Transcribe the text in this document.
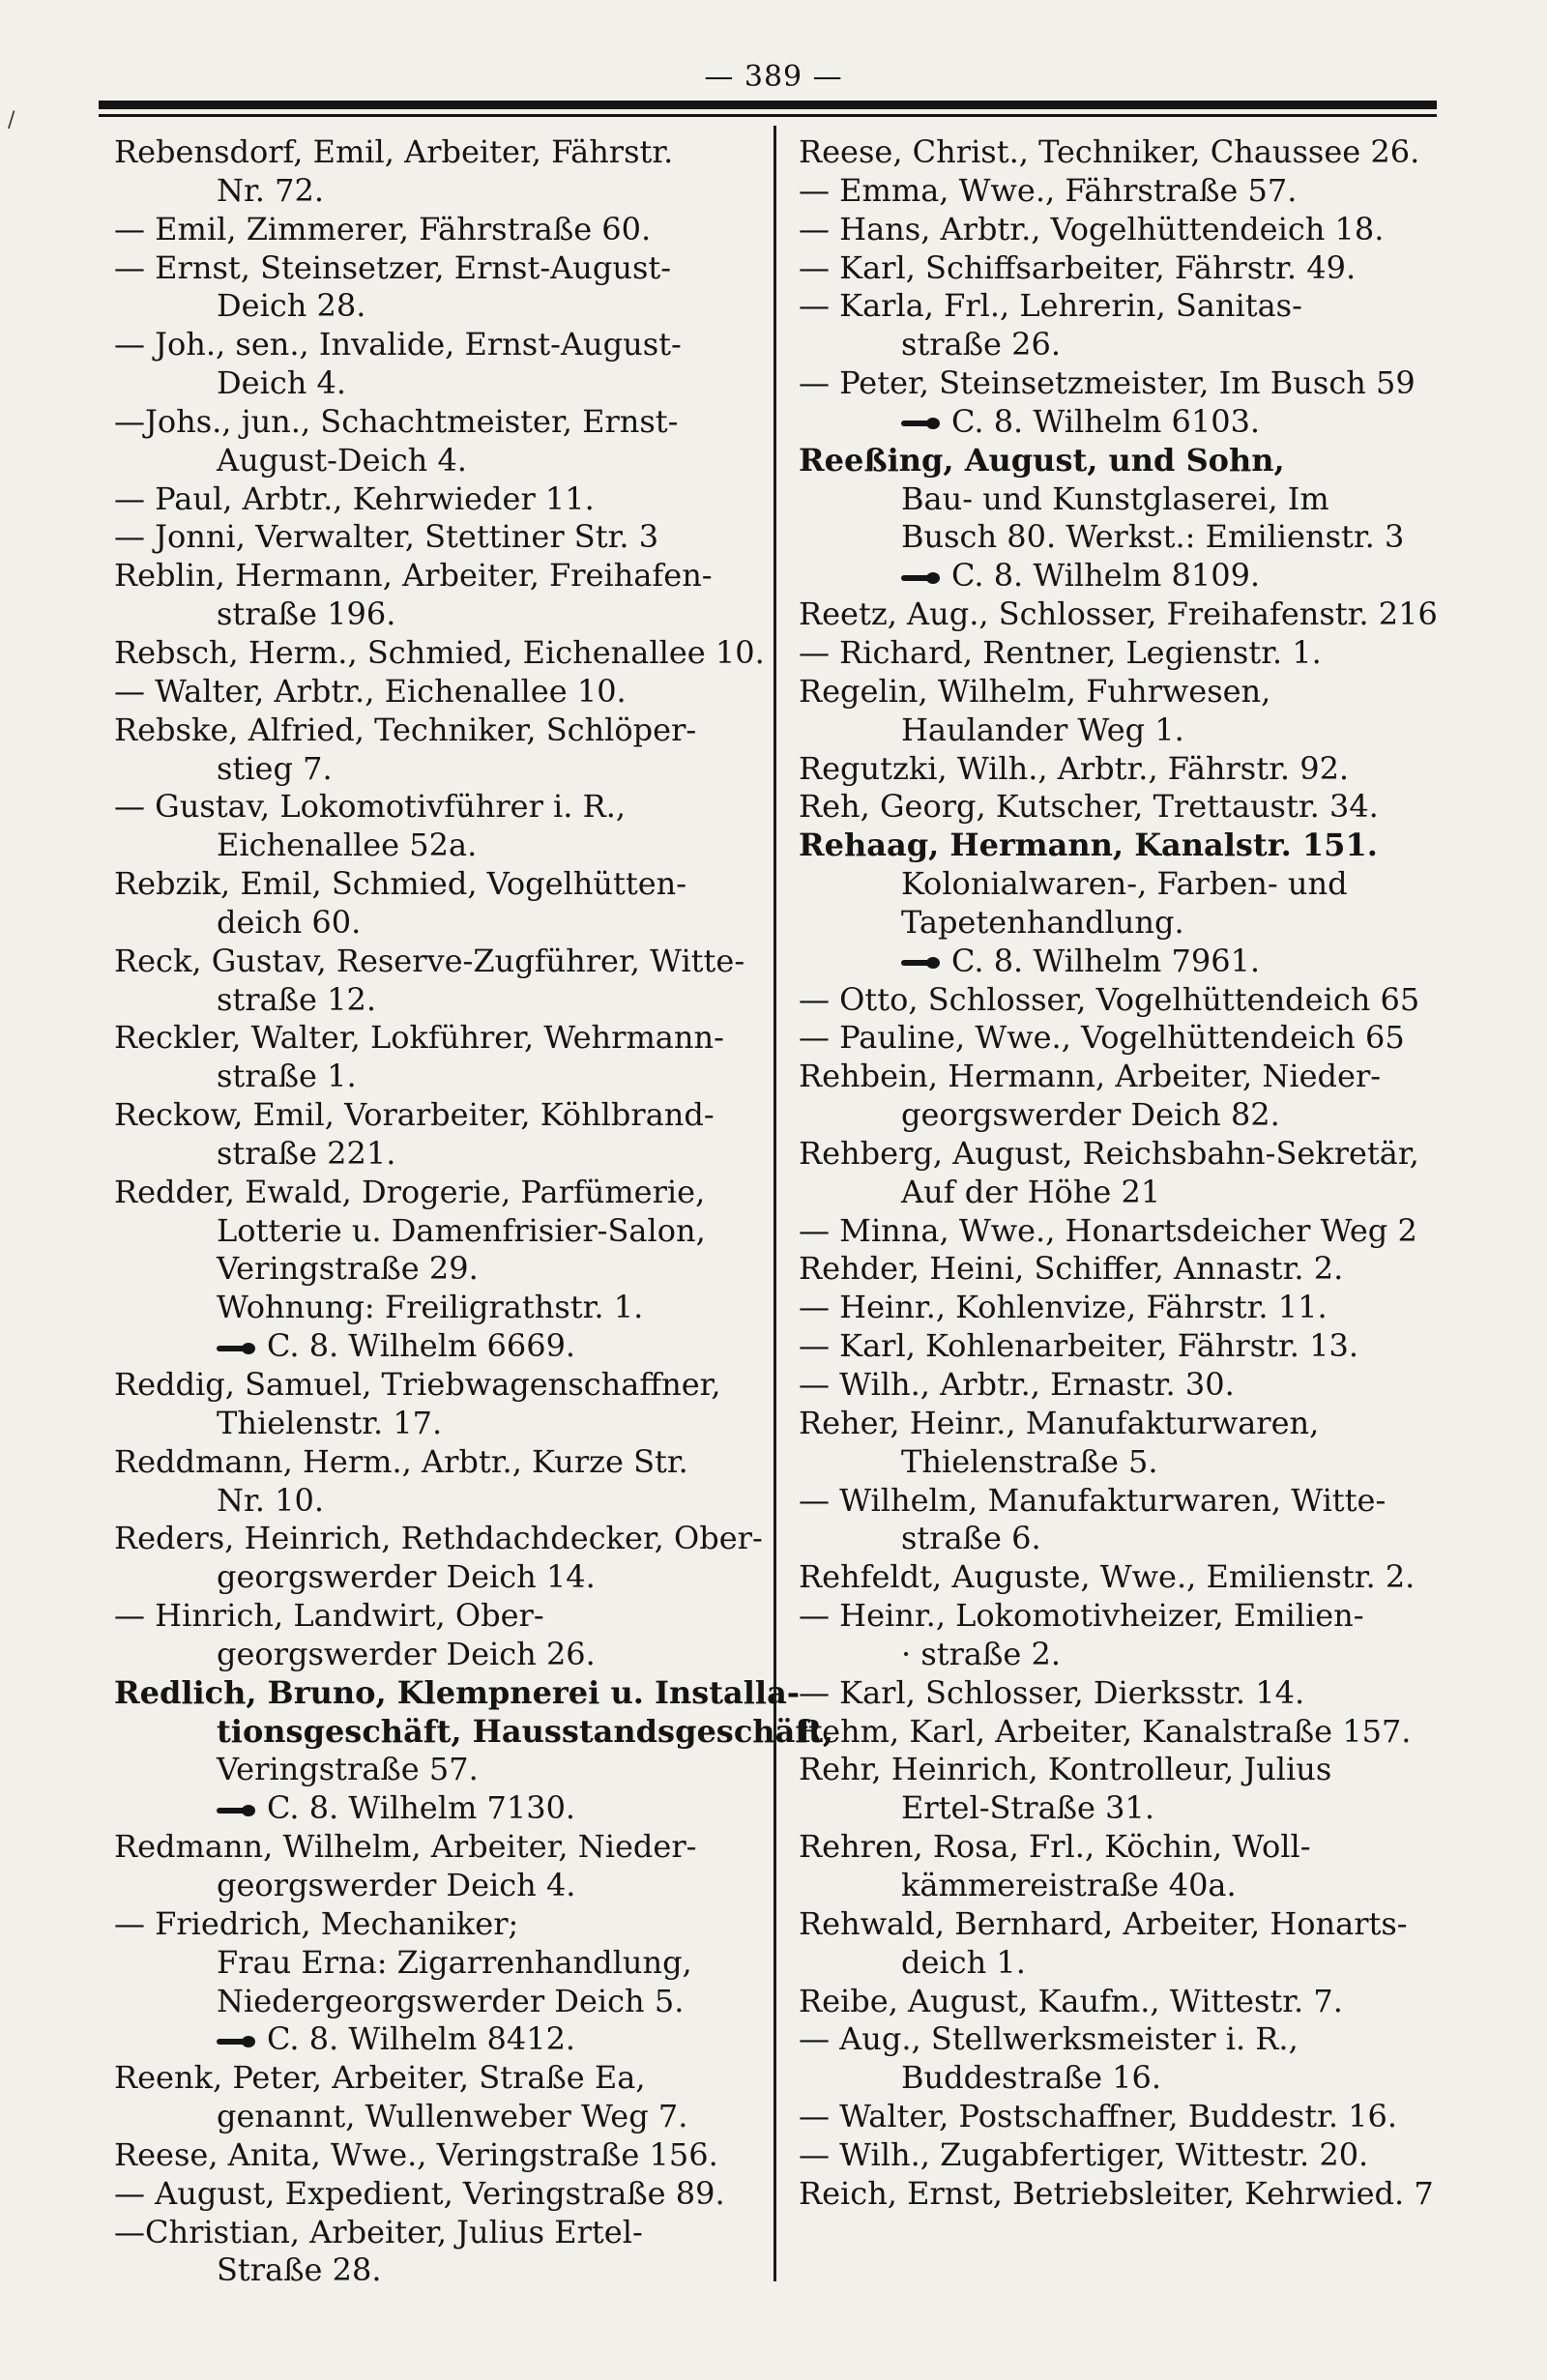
/
— 389 —
Rebensdorf, Emil, Arbeiter, Fährstr.
Nr. 72.
— Emil, Zimmerer, Fährstraße 60.
— Ernst, Steinsetzer, Ernst-August-
Deich 28.
— Joh., sen., Invalide, Ernst-August-
Deich 4.
—Johs., jun., Schachtmeister, Ernst-
August-Deich 4.
— Paul, Arbtr., Kehrwieder 11.
— Jonni, Verwalter, Stettiner Str. 3
Reblin, Hermann, Arbeiter, Freihafen-
straße 196.
Rebsch, Herm., Schmied, Eichenallee 10.
— Walter, Arbtr., Eichenallee 10.
Rebske, Alfried, Techniker, Schlöper-
stieg 7.
— Gustav, Lokomotivführer i. R.,
Eichenallee 52a.
Rebzik, Emil, Schmied, Vogelhütten-
deich 60.
Reck, Gustav, Reserve-Zugführer, Witte-
straße 12.
Reckler, Walter, Lokführer, Wehrmann-
straße 1.
Reckow, Emil, Vorarbeiter, Köhlbrand-
straße 221.
Redder, Ewald, Drogerie, Parfümerie,
Lotterie u. Damenfrisier-Salon,
Veringstraße 29.
Wohnung: Freiligrathstr. 1.
C. 8. Wilhelm 6669.
Reddig, Samuel, Triebwagenschaffner,
Thielenstr. 17.
Reddmann, Herm., Arbtr., Kurze Str.
Nr. 10.
Reders, Heinrich, Rethdachdecker, Ober-
georgswerder Deich 14.
— Hinrich, Landwirt, Ober-
georgswerder Deich 26.
Redlich, Bruno, Klempnerei u. Installa-
tionsgeschäft, Hausstandsgeschäft,
Veringstraße 57.
C. 8. Wilhelm 7130.
Redmann, Wilhelm, Arbeiter, Nieder-
georgswerder Deich 4.
— Friedrich, Mechaniker;
Frau Erna: Zigarrenhandlung,
Niedergeorgswerder Deich 5.
C. 8. Wilhelm 8412.
Reenk, Peter, Arbeiter, Straße Ea,
genannt, Wullenweber Weg 7.
Reese, Anita, Wwe., Veringstraße 156.
— August, Expedient, Veringstraße 89.
—Christian, Arbeiter, Julius Ertel-
Straße 28.
Reese, Christ., Techniker, Chaussee 26.
— Emma, Wwe., Fährstraße 57.
— Hans, Arbtr., Vogelhüttendeich 18.
— Karl, Schiffsarbeiter, Fährstr. 49.
— Karla, Frl., Lehrerin, Sanitas-
straße 26.
— Peter, Steinsetzmeister, Im Busch 59
C. 8. Wilhelm 6103.
Reeßing, August, und Sohn,
Bau- und Kunstglaserei, Im
Busch 80. Werkst.: Emilienstr. 3
C. 8. Wilhelm 8109.
Reetz, Aug., Schlosser, Freihafenstr. 216
— Richard, Rentner, Legienstr. 1.
Regelin, Wilhelm, Fuhrwesen,
Haulander Weg 1.
Regutzki, Wilh., Arbtr., Fährstr. 92.
Reh, Georg, Kutscher, Trettaustr. 34.
Rehaag, Hermann, Kanalstr. 151.
Kolonialwaren-, Farben- und
Tapetenhandlung.
C. 8. Wilhelm 7961.
— Otto, Schlosser, Vogelhüttendeich 65
— Pauline, Wwe., Vogelhüttendeich 65
Rehbein, Hermann, Arbeiter, Nieder-
georgswerder Deich 82.
Rehberg, August, Reichsbahn-Sekretär,
Auf der Höhe 21
— Minna, Wwe., Honartsdeicher Weg 2
Rehder, Heini, Schiffer, Annastr. 2.
— Heinr., Kohlenvize, Fährstr. 11.
— Karl, Kohlenarbeiter, Fährstr. 13.
— Wilh., Arbtr., Ernastr. 30.
Reher, Heinr., Manufakturwaren,
Thielenstraße 5.
— Wilhelm, Manufakturwaren, Witte-
straße 6.
Rehfeldt, Auguste, Wwe., Emilienstr. 2.
— Heinr., Lokomotivheizer, Emilien-
· straße 2.
— Karl, Schlosser, Dierksstr. 14.
Rehm, Karl, Arbeiter, Kanalstraße 157.
Rehr, Heinrich, Kontrolleur, Julius
Ertel-Straße 31.
Rehren, Rosa, Frl., Köchin, Woll-
kämmereistraße 40a.
Rehwald, Bernhard, Arbeiter, Honarts-
deich 1.
Reibe, August, Kaufm., Wittestr. 7.
— Aug., Stellwerksmeister i. R.,
Buddestraße 16.
— Walter, Postschaffner, Buddestr. 16.
— Wilh., Zugabfertiger, Wittestr. 20.
Reich, Ernst, Betriebsleiter, Kehrwied. 7
